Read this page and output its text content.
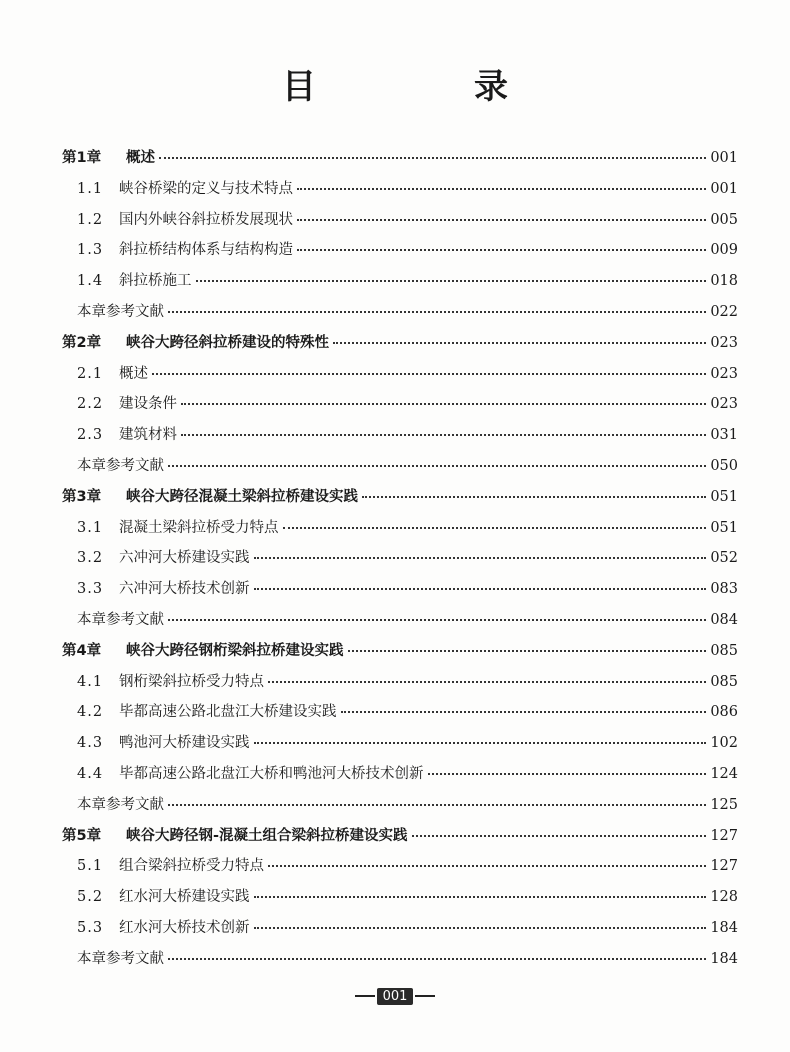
目　录
第1章	概述	001
1.1	峡谷桥梁的定义与技术特点	001
1.2	国内外峡谷斜拉桥发展现状	005
1.3	斜拉桥结构体系与结构构造	009
1.4	斜拉桥施工	018
本章参考文献	022
第2章	峡谷大跨径斜拉桥建设的特殊性	023
2.1	概述	023
2.2	建设条件	023
2.3	建筑材料	031
本章参考文献	050
第3章	峡谷大跨径混凝土梁斜拉桥建设实践	051
3.1	混凝土梁斜拉桥受力特点	051
3.2	六冲河大桥建设实践	052
3.3	六冲河大桥技术创新	083
本章参考文献	084
第4章	峡谷大跨径钢桁梁斜拉桥建设实践	085
4.1	钢桁梁斜拉桥受力特点	085
4.2	毕都高速公路北盘江大桥建设实践	086
4.3	鸭池河大桥建设实践	102
4.4	毕都高速公路北盘江大桥和鸭池河大桥技术创新	124
本章参考文献	125
第5章	峡谷大跨径钢-混凝土组合梁斜拉桥建设实践	127
5.1	组合梁斜拉桥受力特点	127
5.2	红水河大桥建设实践	128
5.3	红水河大桥技术创新	184
本章参考文献	184
001
